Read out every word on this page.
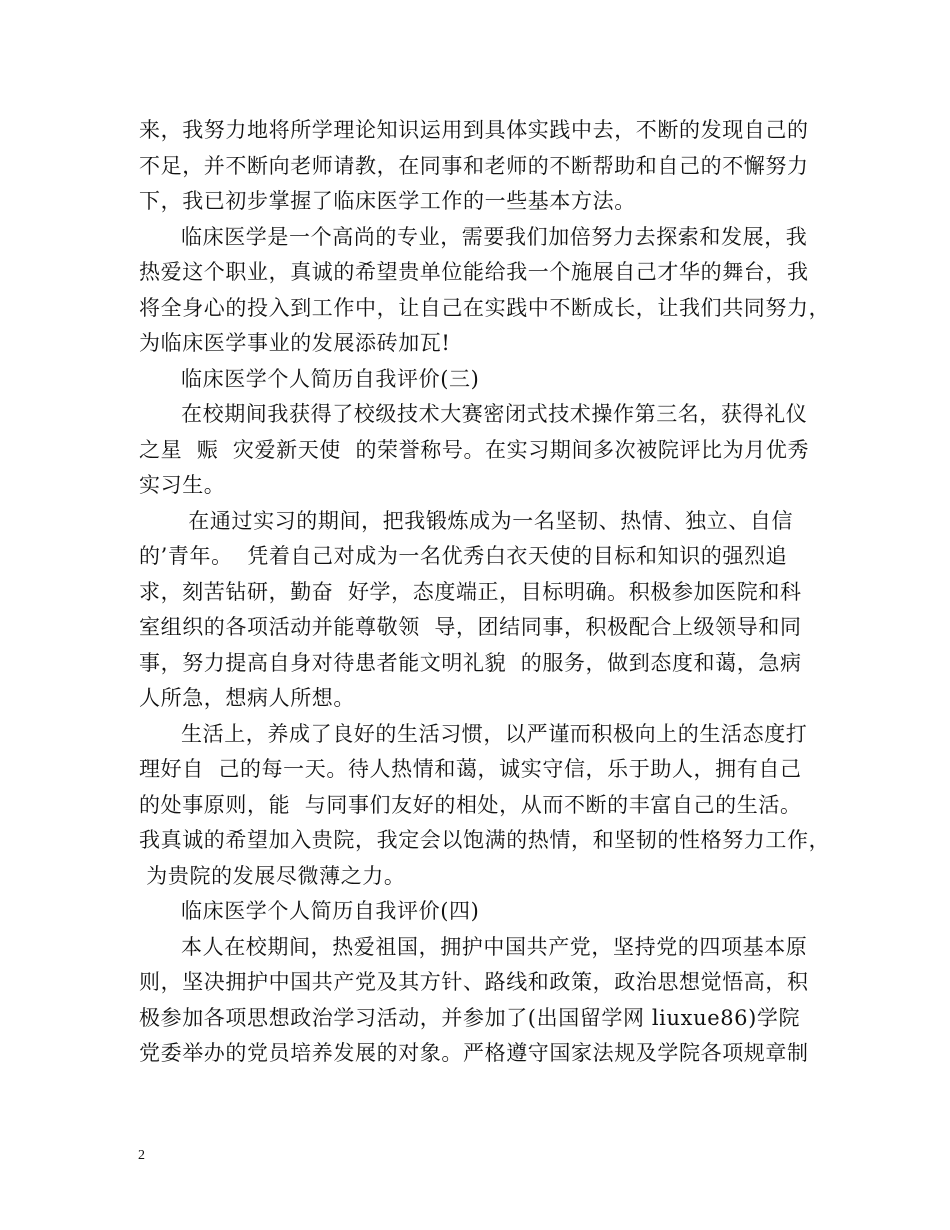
来，我努力地将所学理论知识运用到具体实践中去，不断的发现自己的
不足，并不断向老师请教，在同事和老师的不断帮助和自己的不懈努力
下，我已初步掌握了临床医学工作的一些基本方法。
临床医学是一个高尚的专业，需要我们加倍努力去探索和发展，我
热爱这个职业，真诚的希望贵单位能给我一个施展自己才华的舞台，我
将全身心的投入到工作中，让自己在实践中不断成长，让我们共同努力，
为临床医学事业的发展添砖加瓦!
临床医学个人简历自我评价(三)
在校期间我获得了校级技术大赛密闭式技术操作第三名，获得礼仪
之星  赈  灾爱新天使  的荣誉称号。在实习期间多次被院评比为月优秀
实习生。
在通过实习的期间，把我锻炼成为一名坚韧、热情、独立、自信
的’青年。  凭着自己对成为一名优秀白衣天使的目标和知识的强烈追
求，刻苦钻研，勤奋  好学，态度端正，目标明确。积极参加医院和科
室组织的各项活动并能尊敬领  导，团结同事，积极配合上级领导和同
事，努力提高自身对待患者能文明礼貌  的服务，做到态度和蔼，急病
人所急，想病人所想。
生活上，养成了良好的生活习惯，以严谨而积极向上的生活态度打
理好自  己的每一天。待人热情和蔼，诚实守信，乐于助人，拥有自己
的处事原则，能  与同事们友好的相处，从而不断的丰富自己的生活。
我真诚的希望加入贵院，我定会以饱满的热情，和坚韧的性格努力工作，
为贵院的发展尽微薄之力。
临床医学个人简历自我评价(四)
本人在校期间，热爱祖国，拥护中国共产党，坚持党的四项基本原
则，坚决拥护中国共产党及其方针、路线和政策，政治思想觉悟高，积
极参加各项思想政治学习活动，并参加了(出国留学网 liuxue86)学院
党委举办的党员培养发展的对象。严格遵守国家法规及学院各项规章制
2
